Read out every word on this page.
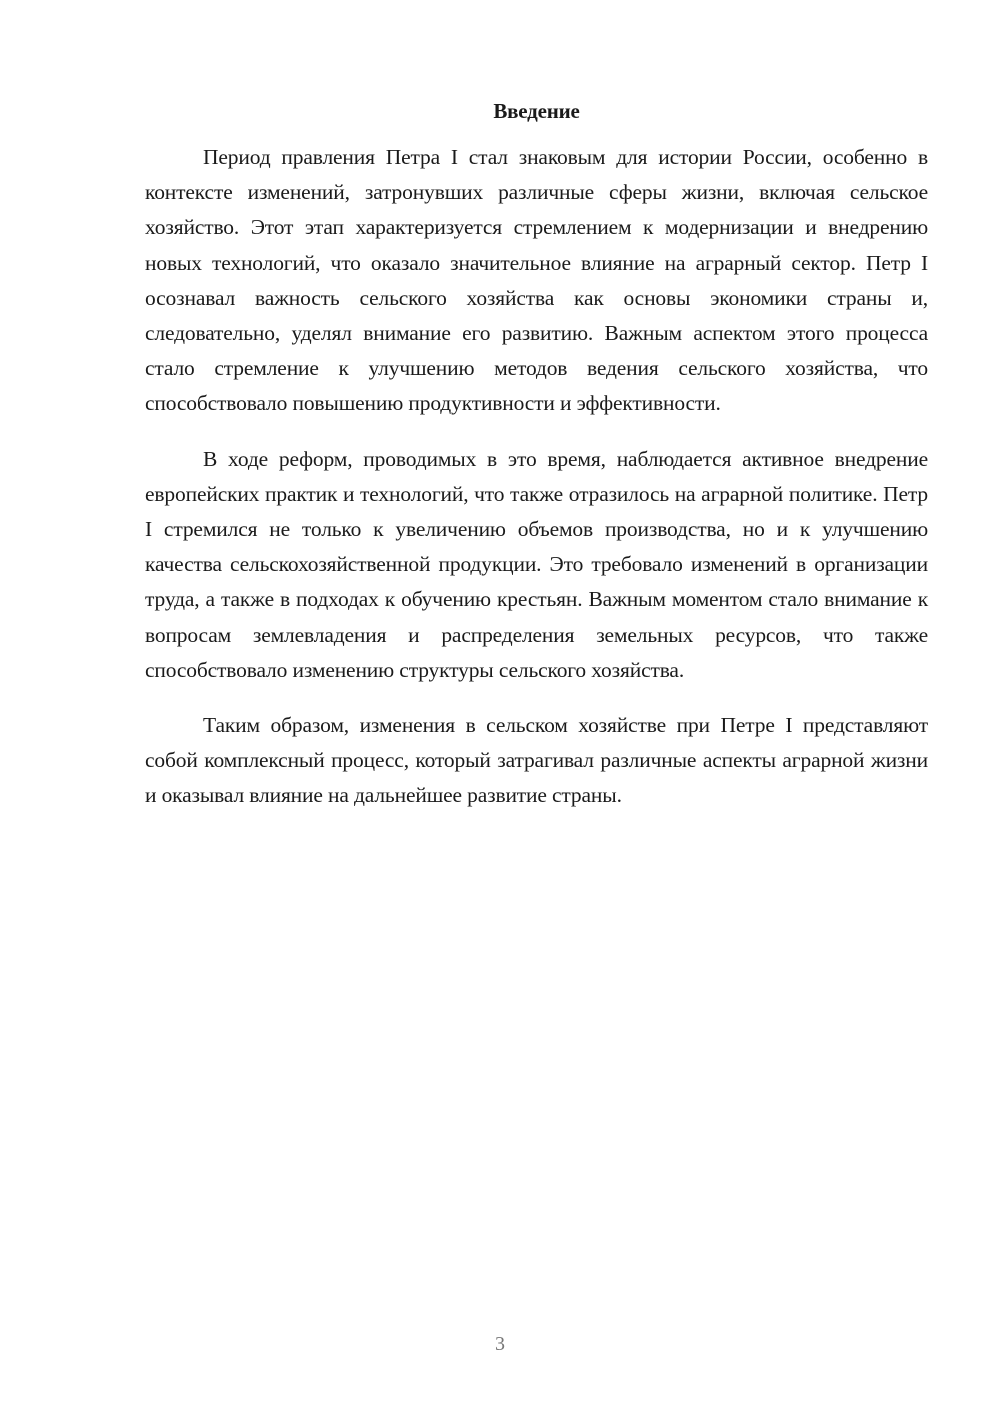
Введение

Период правления Петра I стал знаковым для истории России, особенно в контексте изменений, затронувших различные сферы жизни, включая сельское хозяйство. Этот этап характеризуется стремлением к модернизации и внедрению новых технологий, что оказало значительное влияние на аграрный сектор. Петр I осознавал важность сельского хозяйства как основы экономики страны и, следовательно, уделял внимание его развитию. Важным аспектом этого процесса стало стремление к улучшению методов ведения сельского хозяйства, что способствовало повышению продуктивности и эффективности.

В ходе реформ, проводимых в это время, наблюдается активное внедрение европейских практик и технологий, что также отразилось на аграрной политике. Петр I стремился не только к увеличению объемов производства, но и к улучшению качества сельскохозяйственной продукции. Это требовало изменений в организации труда, а также в подходах к обучению крестьян. Важным моментом стало внимание к вопросам землевладения и распределения земельных ресурсов, что также способствовало изменению структуры сельского хозяйства.

Таким образом, изменения в сельском хозяйстве при Петре I представляют собой комплексный процесс, который затрагивал различные аспекты аграрной жизни и оказывал влияние на дальнейшее развитие страны.

3
